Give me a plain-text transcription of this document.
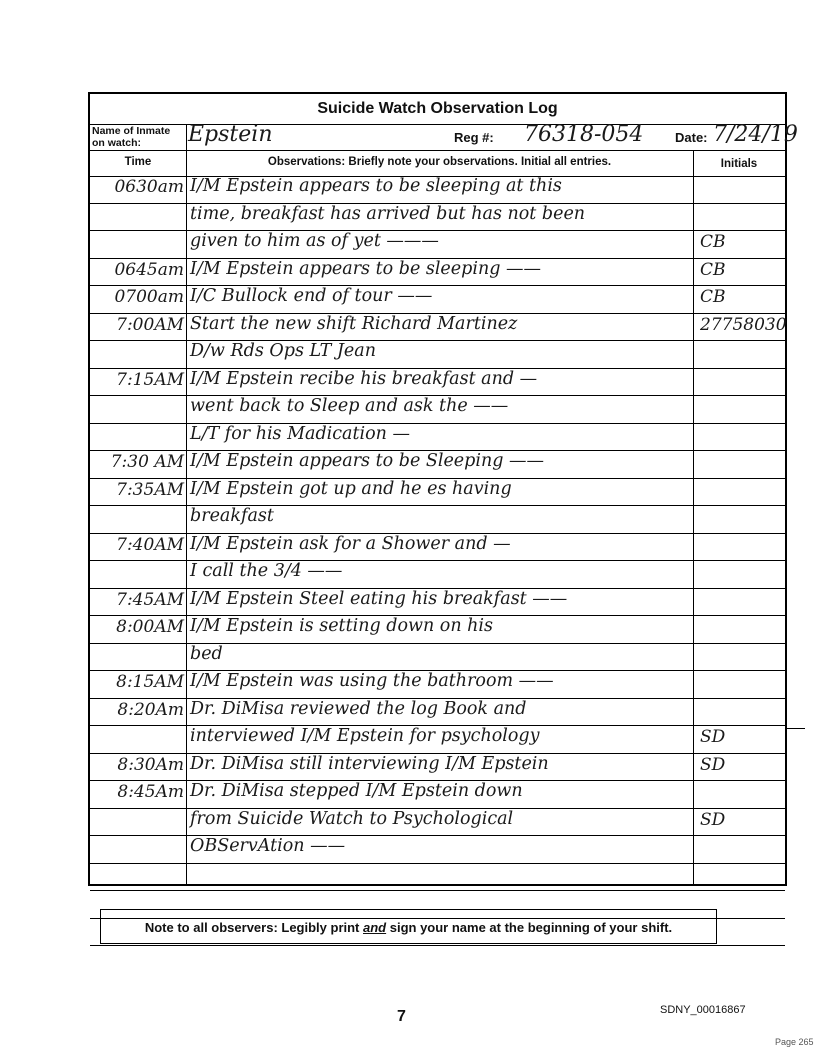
Suicide Watch Observation Log
Name of Inmate on watch:	Epstein	Reg #: 76318-054 Date: 7/24/19
Time	Observations: Briefly note your observations. Initial all entries.	Initials
0630am I/M Epstein appears to be sleeping at this
time, breakfast has arrived but has not been
given to him as of yet ———	CB
0645am I/M Epstein appears to be sleeping ——	CB
0700am I/C Bullock end of tour ——	CB
7:00AM Start the new shift Richard Martinez	27758030
D/w Rds Ops LT Jean
7:15AM I/M Epstein recibe his breakfast and —
went back to Sleep and ask the ——
L/T for his Madication —
7:30 AM I/M Epstein appears to be Sleeping ——
7:35AM I/M Epstein got up and he es having
breakfast
7:40AM I/M Epstein ask for a Shower and —
I call the 3/4 ——
7:45AM I/M Epstein Steel eating his breakfast ——
8:00AM I/M Epstein is setting down on his
bed
8:15AM I/M Epstein was using the bathroom ——
8:20Am Dr. DiMisa reviewed the log Book and
interviewed I/M Epstein for psychology	SD
8:30Am Dr. DiMisa still interviewing I/M Epstein	SD
8:45Am Dr. DiMisa stepped I/M Epstein down
from Suicide Watch to Psychological	SD
OBServAtion ——
Note to all observers: Legibly print and sign your name at the beginning of your shift.
7	SDNY_00016867
Page 265
